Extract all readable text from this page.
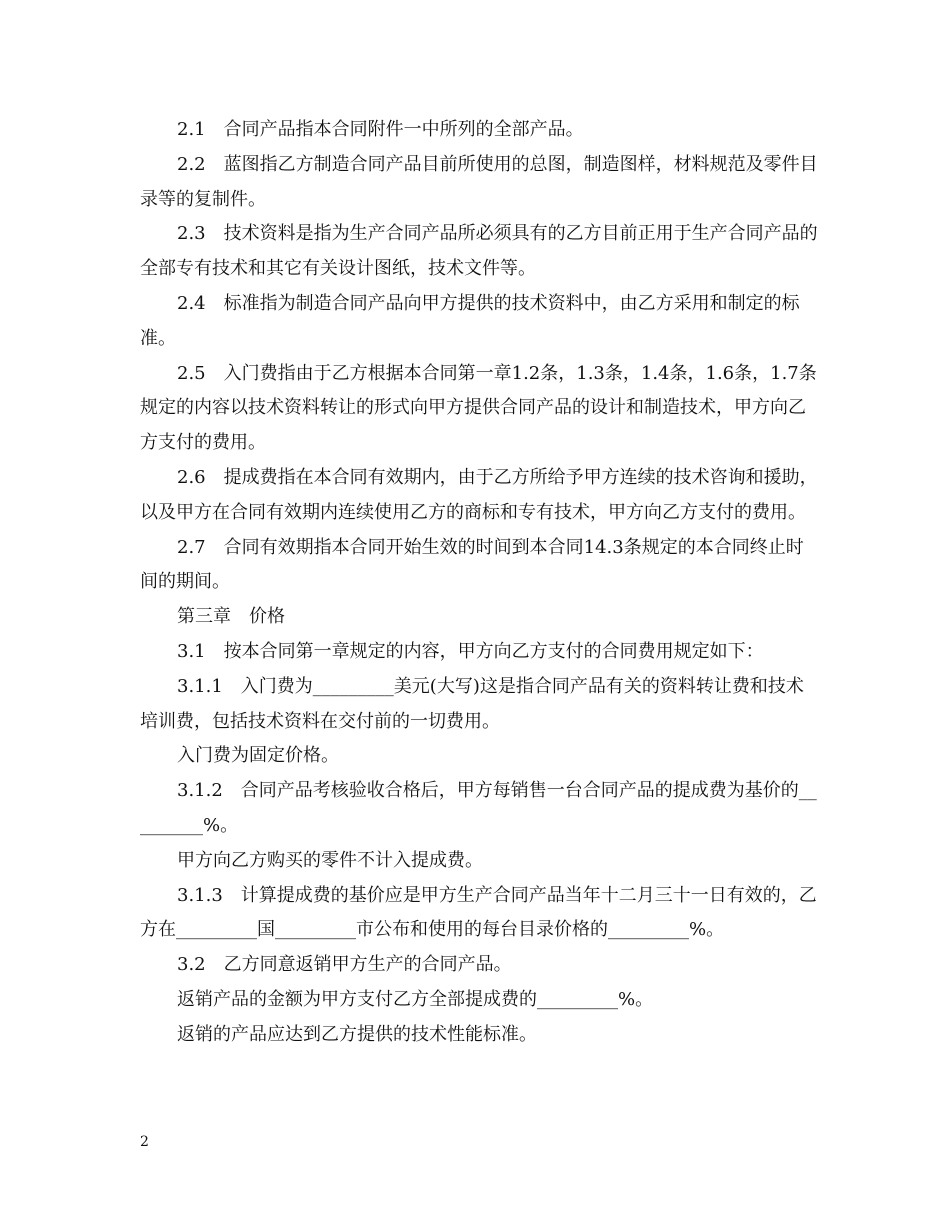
2.1　合同产品指本合同附件一中所列的全部产品。

2.2　蓝图指乙方制造合同产品目前所使用的总图，制造图样，材料规范及零件目录等的复制件。

2.3　技术资料是指为生产合同产品所必须具有的乙方目前正用于生产合同产品的全部专有技术和其它有关设计图纸，技术文件等。

2.4　标准指为制造合同产品向甲方提供的技术资料中，由乙方采用和制定的标准。

2.5　入门费指由于乙方根据本合同第一章1.2条，1.3条，1.4条，1.6条，1.7条规定的内容以技术资料转让的形式向甲方提供合同产品的设计和制造技术，甲方向乙方支付的费用。

2.6　提成费指在本合同有效期内，由于乙方所给予甲方连续的技术咨询和援助，以及甲方在合同有效期内连续使用乙方的商标和专有技术，甲方向乙方支付的费用。

2.7　合同有效期指本合同开始生效的时间到本合同14.3条规定的本合同终止时间的期间。

第三章　价格

3.1　按本合同第一章规定的内容，甲方向乙方支付的合同费用规定如下：

3.1.1　入门费为_________美元(大写)这是指合同产品有关的资料转让费和技术培训费，包括技术资料在交付前的一切费用。

入门费为固定价格。

3.1.2　合同产品考核验收合格后，甲方每销售一台合同产品的提成费为基价的_________%。

甲方向乙方购买的零件不计入提成费。

3.1.3　计算提成费的基价应是甲方生产合同产品当年十二月三十一日有效的，乙方在_________国_________市公布和使用的每台目录价格的_________%。

3.2　乙方同意返销甲方生产的合同产品。

返销产品的金额为甲方支付乙方全部提成费的_________%。

返销的产品应达到乙方提供的技术性能标准。

2
